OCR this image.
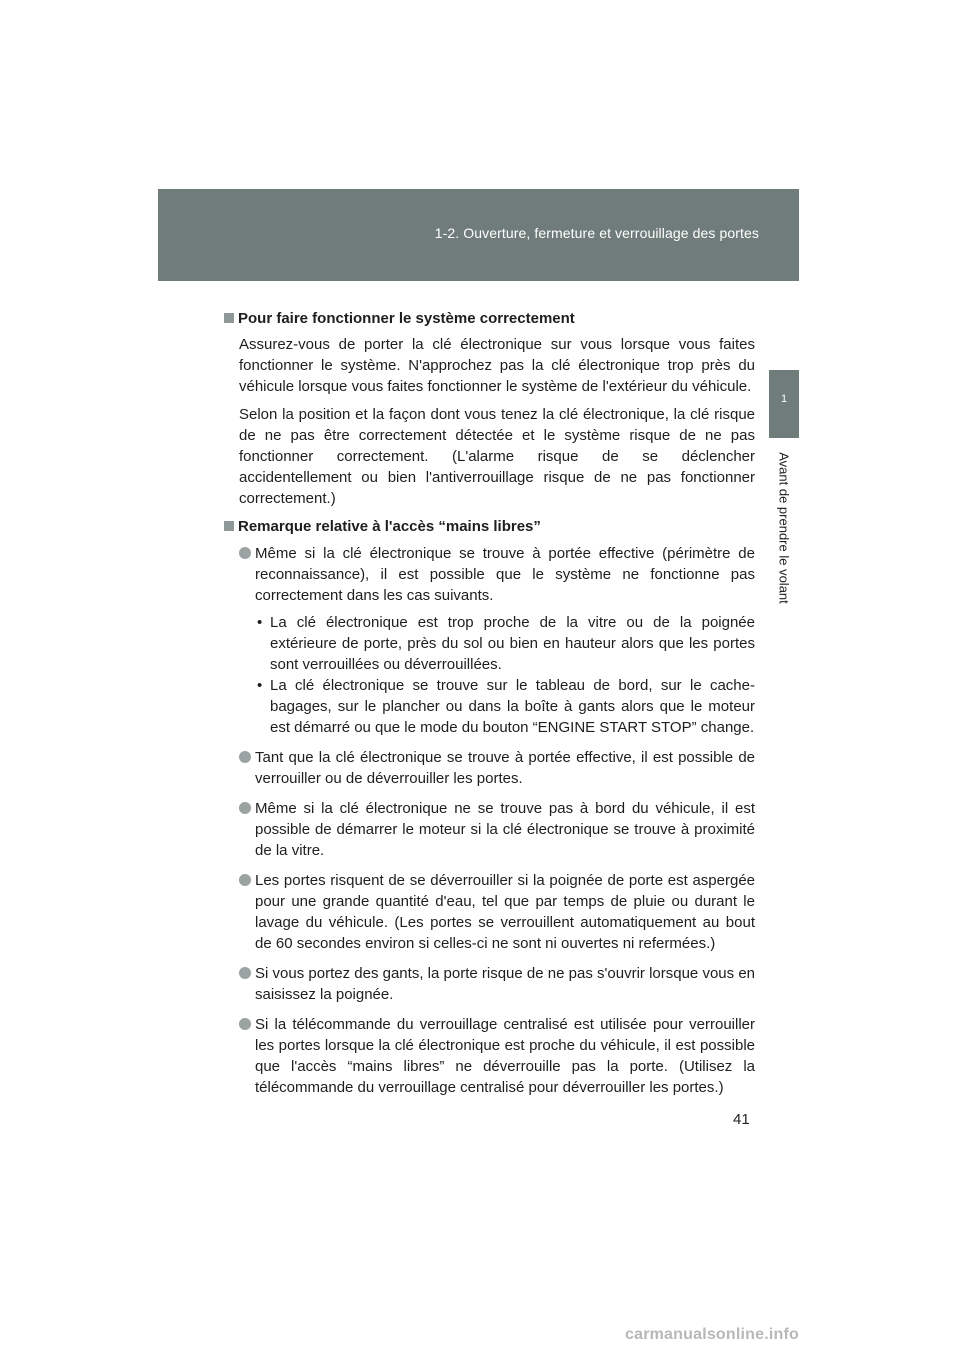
1-2. Ouverture, fermeture et verrouillage des portes
1
Avant de prendre le volant
Pour faire fonctionner le système correctement

Assurez-vous de porter la clé électronique sur vous lorsque vous faites fonctionner le système. N'approchez pas la clé électronique trop près du véhicule lorsque vous faites fonctionner le système de l'extérieur du véhicule.

Selon la position et la façon dont vous tenez la clé électronique, la clé risque de ne pas être correctement détectée et le système risque de ne pas fonctionner correctement. (L'alarme risque de se déclencher accidentellement ou bien l'antiverrouillage risque de ne pas fonctionner correctement.)

Remarque relative à l'accès “mains libres”
Même si la clé électronique se trouve à portée effective (périmètre de reconnaissance), il est possible que le système ne fonctionne pas correctement dans les cas suivants.
• La clé électronique est trop proche de la vitre ou de la poignée extérieure de porte, près du sol ou bien en hauteur alors que les portes sont verrouillées ou déverrouillées.
• La clé électronique se trouve sur le tableau de bord, sur le cache-bagages, sur le plancher ou dans la boîte à gants alors que le moteur est démarré ou que le mode du bouton “ENGINE START STOP” change.
Tant que la clé électronique se trouve à portée effective, il est possible de verrouiller ou de déverrouiller les portes.
Même si la clé électronique ne se trouve pas à bord du véhicule, il est possible de démarrer le moteur si la clé électronique se trouve à proximité de la vitre.
Les portes risquent de se déverrouiller si la poignée de porte est aspergée pour une grande quantité d'eau, tel que par temps de pluie ou durant le lavage du véhicule. (Les portes se verrouillent automatiquement au bout de 60 secondes environ si celles-ci ne sont ni ouvertes ni refermées.)
Si vous portez des gants, la porte risque de ne pas s'ouvrir lorsque vous en saisissez la poignée.
Si la télécommande du verrouillage centralisé est utilisée pour verrouiller les portes lorsque la clé électronique est proche du véhicule, il est possible que l'accès “mains libres” ne déverrouille pas la porte. (Utilisez la télécommande du verrouillage centralisé pour déverrouiller les portes.)
41
carmanualsonline.info
